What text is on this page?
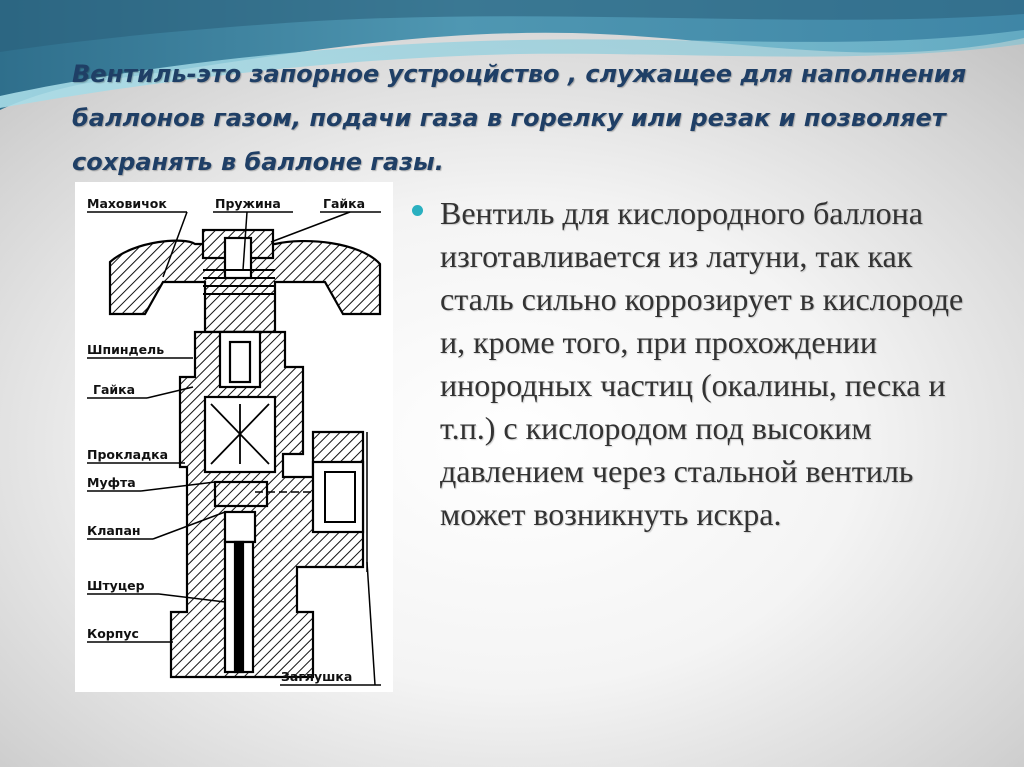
Вентиль-это запорное устроцйство , служащее для наполнения баллонов газом, подачи газа в горелку или резак и позволяет сохранять в баллоне газы.
Маховичок	Пружина	Гайка
Шпиндель
Гайка
Прокладка
Муфта
Клапан
Штуцер
Корпус
Заглушка

Вентиль для кислородного баллона изготавливается из латуни, так как сталь сильно коррозирует в кислороде и, кроме того, при прохождении инородных частиц (окалины, песка и т.п.) с кислородом под высоким давлением через стальной вентиль может возникнуть искра.
